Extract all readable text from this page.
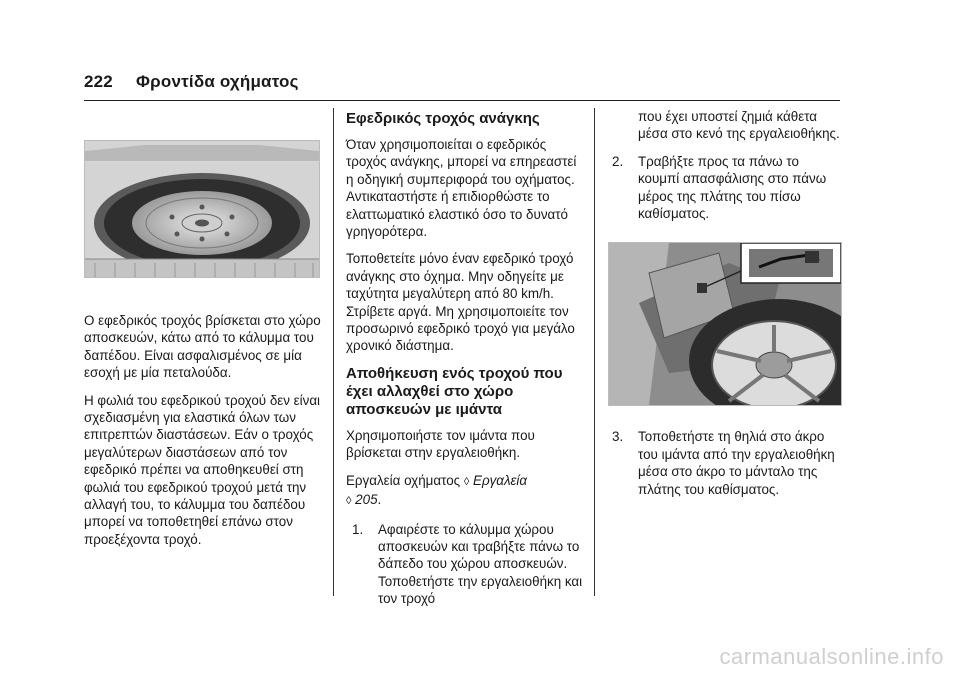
222 Φροντίδα οχήματος

Ο εφεδρικός τροχός βρίσκεται στο χώρο αποσκευών, κάτω από το κάλυμμα του δαπέδου. Είναι ασφαλισμένος σε μία εσοχή με μία πεταλούδα.

Η φωλιά του εφεδρικού τροχού δεν είναι σχεδιασμένη για ελαστικά όλων των επιτρεπτών διαστάσεων. Εάν ο τροχός μεγαλύτερων διαστάσεων από τον εφεδρικό πρέπει να αποθηκευθεί στη φωλιά του εφεδρικού τροχού μετά την αλλαγή του, το κάλυμμα του δαπέδου μπορεί να τοποθετηθεί επάνω στον προεξέχοντα τροχό.

Εφεδρικός τροχός ανάγκης

Όταν χρησιμοποιείται ο εφεδρικός τροχός ανάγκης, μπορεί να επηρεαστεί η οδηγική συμπεριφορά του οχήματος. Αντικαταστήστε ή επιδιορθώστε το ελαττωματικό ελαστικό όσο το δυνατό γρηγορότερα.

Τοποθετείτε μόνο έναν εφεδρικό τροχό ανάγκης στο όχημα. Μην οδηγείτε με ταχύτητα μεγαλύτερη από 80 km/h. Στρίβετε αργά. Μη χρησιμοποιείτε τον προσωρινό εφεδρικό τροχό για μεγάλο χρονικό διάστημα.

Αποθήκευση ενός τροχού που έχει αλλαχθεί στο χώρο αποσκευών με ιμάντα

Χρησιμοποιήστε τον ιμάντα που βρίσκεται στην εργαλειοθήκη.

Εργαλεία οχήματος ◊ Εργαλεία
◊ 205.

1.	Αφαιρέστε το κάλυμμα χώρου αποσκευών και τραβήξτε πάνω το δάπεδο του χώρου αποσκευών. Τοποθετήστε την εργαλειοθήκη και τον τροχό

που έχει υποστεί ζημιά κάθετα μέσα στο κενό της εργαλειοθήκης.

2.	Τραβήξτε προς τα πάνω το κουμπί απασφάλισης στο πάνω μέρος της πλάτης του πίσω καθίσματος.
3.	Τοποθετήστε τη θηλιά στο άκρο του ιμάντα από την εργαλειοθήκη μέσα στο άκρο το μάνταλο της πλάτης του καθίσματος.
carmanualsonline.info
